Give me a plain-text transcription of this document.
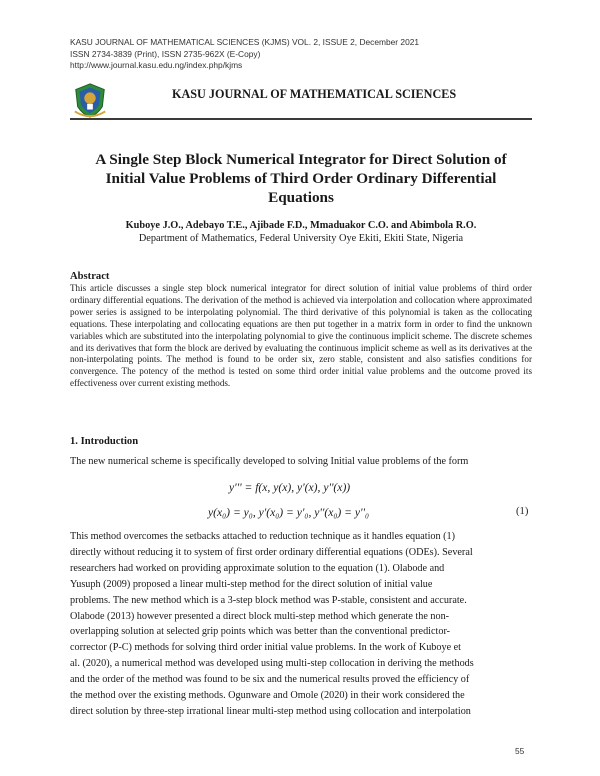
KASU JOURNAL OF MATHEMATICAL SCIENCES (KJMS) VOL. 2, ISSUE 2, December 2021
ISSN 2734-3839 (Print), ISSN 2735-962X (E-Copy)
http://www.journal.kasu.edu.ng/index.php/kjms
KASU JOURNAL OF MATHEMATICAL SCIENCES
A Single Step Block Numerical Integrator for Direct Solution of
Initial Value Problems of Third Order Ordinary Differential
Equations
Kuboye J.O., Adebayo T.E., Ajibade F.D., Mmaduakor C.O. and Abimbola R.O.
Department of Mathematics, Federal University Oye Ekiti, Ekiti State, Nigeria
Abstract
This article discusses a single step block numerical integrator for direct solution of initial value problems of third order ordinary differential equations. The derivation of the method is achieved via interpolation and collocation where approximated power series is assigned to be interpolating polynomial. The third derivative of this polynomial is taken as the collocating equations. These interpolating and collocating equations are then put together in a matrix form in order to find the unknown variables which are substituted into the interpolating polynomial to give the continuous implicit scheme. The discrete schemes and its derivatives that form the block are derived by evaluating the continuous implicit scheme as well as its derivatives at the non-interpolating points. The method is found to be order six, zero stable, consistent and also satisfies conditions for convergence. The potency of the method is tested on some third order initial value problems and the outcome proved its effectiveness over current existing methods.
1. Introduction
The new numerical scheme is specifically developed to solving Initial value problems of the form
y''' = f(x, y(x), y'(x), y''(x))
y(x₀) = y₀, y'(x₀) = y'₀, y''(x₀) = y''₀	(1)
This method overcomes the setbacks attached to reduction technique as it handles equation (1)
directly without reducing it to system of first order ordinary differential equations (ODEs). Several
researchers had worked on providing approximate solution to the equation (1). Olabode and
Yusuph (2009) proposed a linear multi-step method for the direct solution of initial value
problems. The new method which is a 3-step block method was P-stable, consistent and accurate.
Olabode (2013) however presented a direct block multi-step method which generate the non-
overlapping solution at selected grip points which was better than the conventional predictor-
corrector (P-C) methods for solving third order initial value problems. In the work of Kuboye et
al. (2020), a numerical method was developed using multi-step collocation in deriving the methods
and the order of the method was found to be six and the numerical results proved the efficiency of
the method over the existing methods. Ogunware and Omole (2020) in their work considered the
direct solution by three-step irrational linear multi-step method using collocation and interpolation
55
